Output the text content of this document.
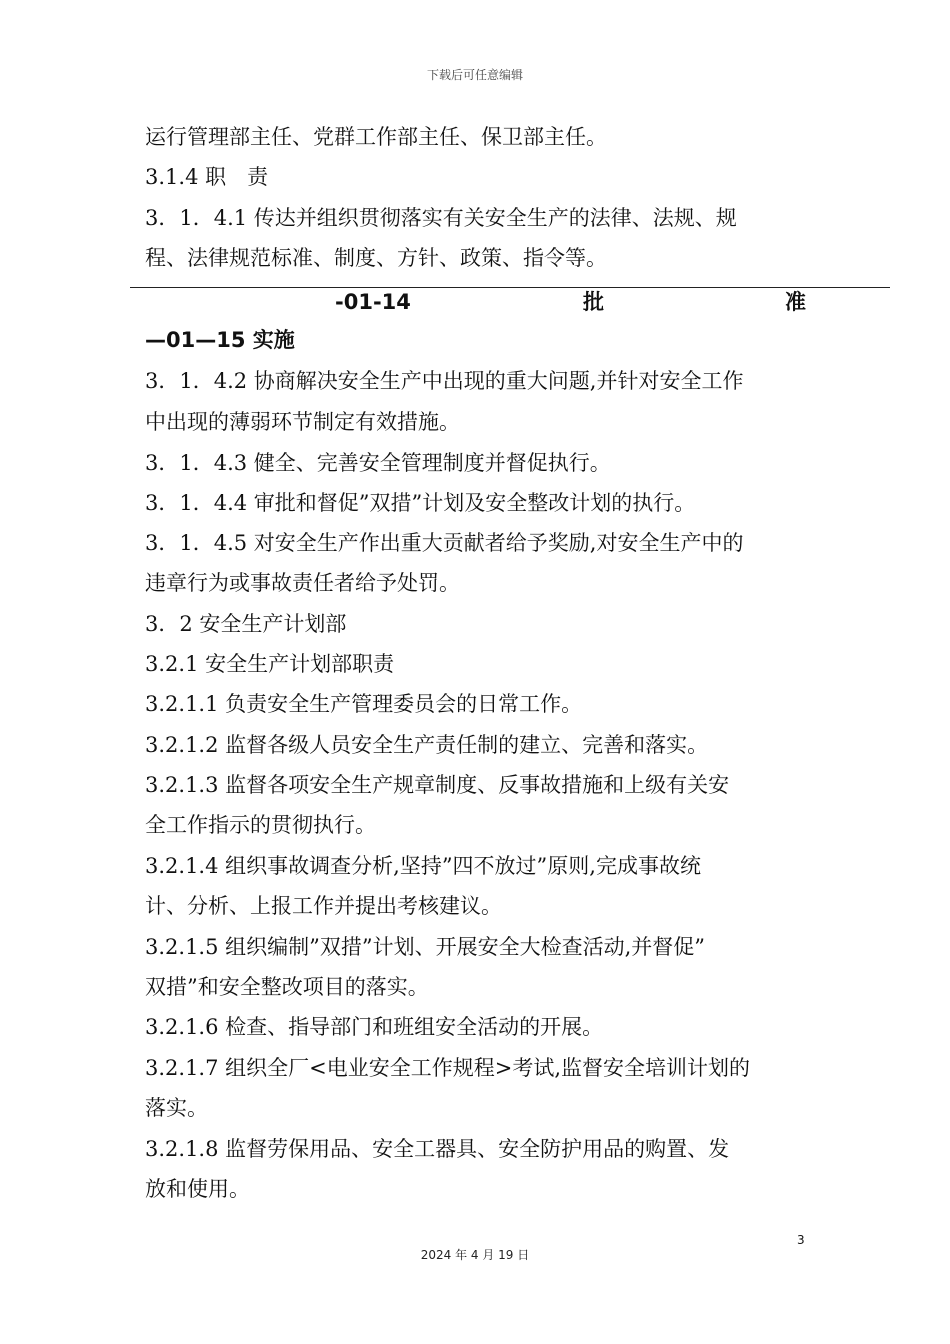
下载后可任意编辑
运行管理部主任、党群工作部主任、保卫部主任。
3.1.4 职　责
3．1．4.1 传达并组织贯彻落实有关安全生产的法律、法规、规
程、法律规范标准、制度、方针、政策、指令等。
-01-14	批	准
—01—15 实施
3．1．4.2 协商解决安全生产中出现的重大问题,并针对安全工作
中出现的薄弱环节制定有效措施。
3．1．4.3 健全、完善安全管理制度并督促执行。
3．1．4.4 审批和督促”双措”计划及安全整改计划的执行。
3．1．4.5 对安全生产作出重大贡献者给予奖励,对安全生产中的
违章行为或事故责任者给予处罚。
3．2 安全生产计划部
3.2.1 安全生产计划部职责
3.2.1.1 负责安全生产管理委员会的日常工作。
3.2.1.2 监督各级人员安全生产责任制的建立、完善和落实。
3.2.1.3 监督各项安全生产规章制度、反事故措施和上级有关安
全工作指示的贯彻执行。
3.2.1.4 组织事故调查分析,坚持”四不放过”原则,完成事故统
计、分析、上报工作并提出考核建议。
3.2.1.5 组织编制”双措”计划、开展安全大检查活动,并督促”
双措”和安全整改项目的落实。
3.2.1.6 检查、指导部门和班组安全活动的开展。
3.2.1.7 组织全厂<电业安全工作规程>考试,监督安全培训计划的
落实。
3.2.1.8 监督劳保用品、安全工器具、安全防护用品的购置、发
放和使用。
3
2024 年 4 月 19 日
